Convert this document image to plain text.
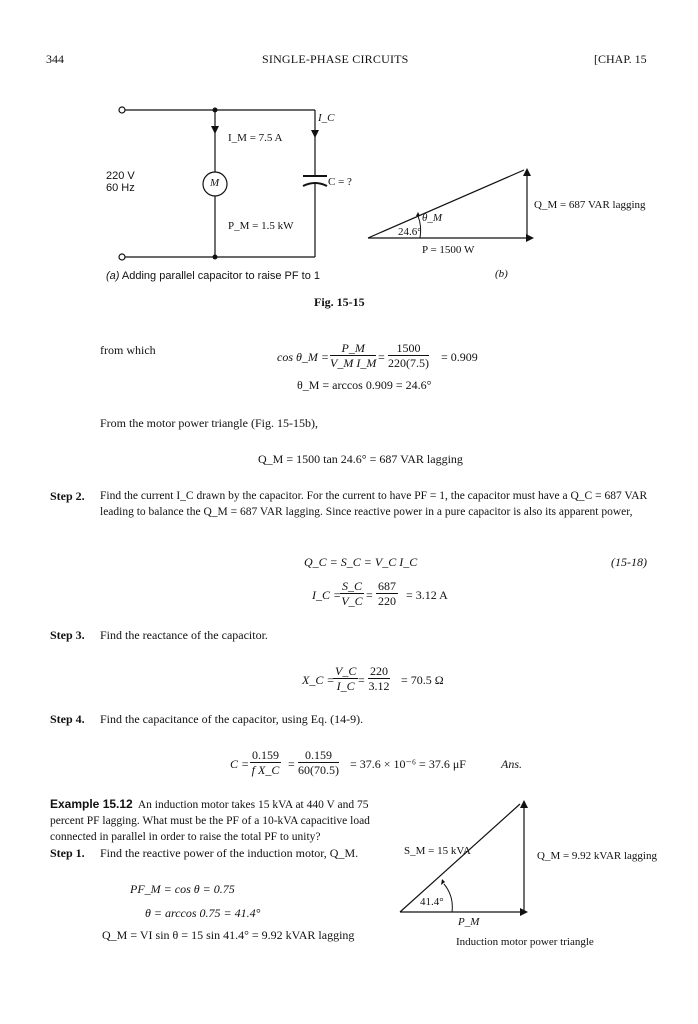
344	SINGLE-PHASE CIRCUITS	[CHAP. 15
I_C
I_M = 7.5 A
220 V
60 Hz	M	C = ?
P_M = 1.5 kW
(a) Adding parallel capacitor to raise PF to 1
Q_M = 687 VAR lagging
24.6°
θ_M
P = 1500 W
(b)
Fig. 15-15
from which	cos θ_M = $\frac{P\_M}{\text{V\_M I\_M}} = \frac{1500}{220(7.5)} = 0.909$
θ_M = arccos 0.909 = 24.6°
From the motor power triangle (Fig. 15-15b),
Q_M = 1500 tan 24.6° = 687 VAR lagging
Step 2. Find the current I_C drawn by the capacitor. For the current to have PF = 1, the capacitor must have a Q_C = 687 VAR leading to balance the Q_M = 687 VAR lagging. Since reactive power in a pure capacitor is also its apparent power,
Q_C = S_C = V_C I_C	(15-18)
I_C =
$\frac{S\_C}{V\_C} = \frac{687}{220} = 3.12$ A
Step 3. Find the reactance of the capacitor.
X_C =
$\frac{V\_C}{I\_C} = \frac{220}{3.12} = 70.5$ Ω
Step 4. Find the capacitance of the capacitor, using Eq. (14-9).
$C = \frac{0.159}{\text{f X\_C}} = \frac{0.159}{60(70.5)} = 37.6 \times 10^{-6} = 37.6$ μF	Ans.
Example 15.12 An induction motor takes 15 kVA at 440 V and 75 percent PF lagging. What must be the PF of a 10-kVA capacitive load connected in parallel in order to raise the total PF to unity?
Step 1. Find the reactive power of the induction motor, Q_M.
PF_M = cos θ = 0.75
θ = arccos 0.75 = 41.4°
Q_M = VI sin θ = 15 sin 41.4° = 9.92 kVAR lagging
S_M = 15 kVA	Q_M = 9.92 kVAR lagging
41.4°
P_M
Induction motor power triangle
